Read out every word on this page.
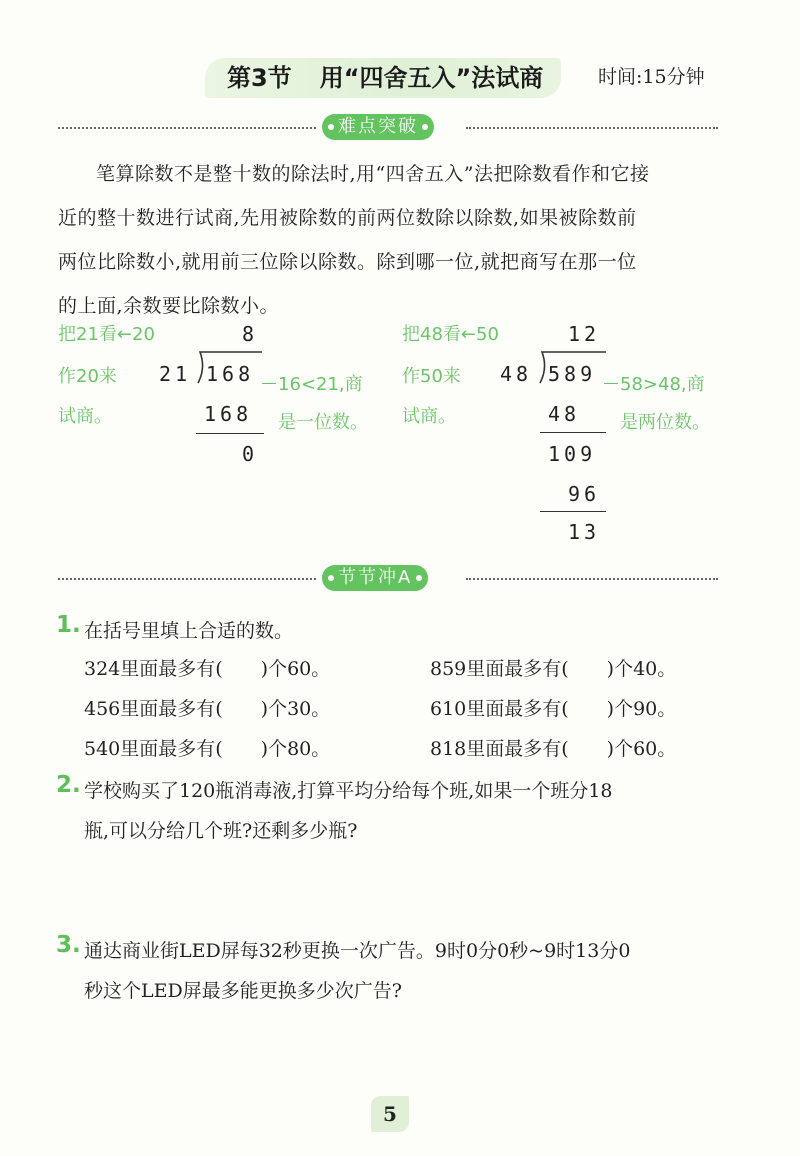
第3节 用“四舍五入”法试商	时间:15分钟
难点突破
笔算除数不是整十数的除法时,用“四舍五入”法把除数看作和它接
近的整十数进行试商,先用被除数的前两位数除以除数,如果被除数前
两位比除数小,就用前三位除以除数。除到哪一位,就把商写在那一位
的上面,余数要比除数小。
把21看←20
作20来
试商。
8
21 168
168
0
16<21,商
是一位数。
把48看←50
作50来
试商。
12
48 589
48
109
96
13
58>48,商
是两位数。
节节冲A
1. 在括号里填上合适的数。
324里面最多有(　　)个60。	859里面最多有(　　)个40。
456里面最多有(　　)个30。	610里面最多有(　　)个90。
540里面最多有(　　)个80。	818里面最多有(　　)个60。
2. 学校购买了120瓶消毒液,打算平均分给每个班,如果一个班分18
瓶,可以分给几个班?还剩多少瓶?
3. 通达商业街LED屏每32秒更换一次广告。9时0分0秒~9时13分0
秒这个LED屏最多能更换多少次广告?
5
